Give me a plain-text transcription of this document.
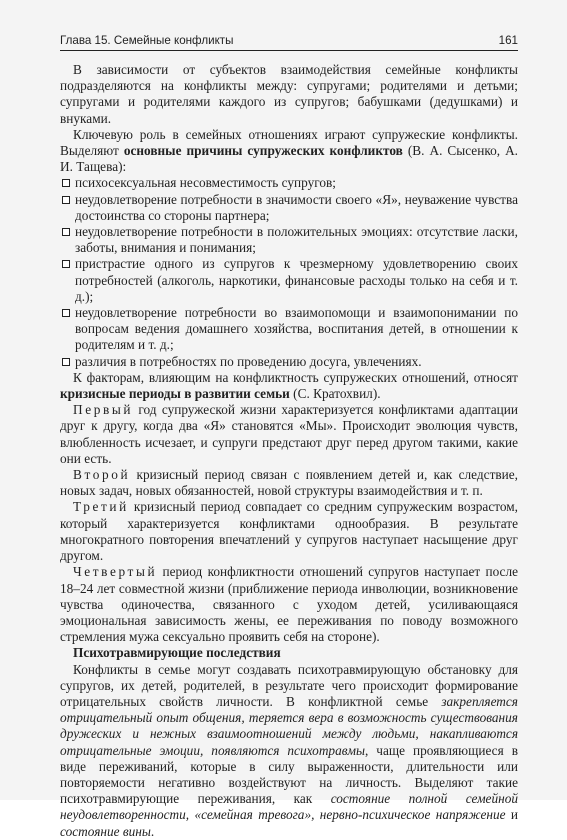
Глава 15. Семейные конфликты	161

В зависимости от субъектов взаимодействия семейные конфликты подразделяются на конфликты между: супругами; родителями и детьми; супругами и родителями каждого из супругов; бабушками (дедушками) и внуками.

Ключевую роль в семейных отношениях играют супружеские конфликты. Выделяют основные причины супружеских конфликтов (В. А. Сысенко, А. И. Тащева):

психосексуальная несовместимость супругов;
неудовлетворение потребности в значимости своего «Я», неуважение чувства достоинства со стороны партнера;
неудовлетворение потребности в положительных эмоциях: отсутствие ласки, заботы, внимания и понимания;
пристрастие одного из супругов к чрезмерному удовлетворению своих потребностей (алкоголь, наркотики, финансовые расходы только на себя и т. д.);
неудовлетворение потребности во взаимопомощи и взаимопонимании по вопросам ведения домашнего хозяйства, воспитания детей, в отношении к родителям и т. д.;
различия в потребностях по проведению досуга, увлечениях.

К факторам, влияющим на конфликтность супружеских отношений, относят кризисные периоды в развитии семьи (С. Кратохвил).

Первый год супружеской жизни характеризуется конфликтами адаптации друг к другу, когда два «Я» становятся «Мы». Происходит эволюция чувств, влюбленность исчезает, и супруги предстают друг перед другом такими, какие они есть.

Второй кризисный период связан с появлением детей и, как следствие, новых задач, новых обязанностей, новой структуры взаимодействия и т. п.

Третий кризисный период совпадает со средним супружеским возрастом, который характеризуется конфликтами однообразия. В результате многократного повторения впечатлений у супругов наступает насыщение друг другом.

Четвертый период конфликтности отношений супругов наступает после 18–24 лет совместной жизни (приближение периода инволюции, возникновение чувства одиночества, связанного с уходом детей, усиливающаяся эмоциональная зависимость жены, ее переживания по поводу возможного стремления мужа сексуально проявить себя на стороне).

Психотравмирующие последствия

Конфликты в семье могут создавать психотравмирующую обстановку для супругов, их детей, родителей, в результате чего происходит формирование отрицательных свойств личности. В конфликтной семье закрепляется отрицательный опыт общения, теряется вера в возможность существования дружеских и нежных взаимоотношений между людьми, накапливаются отрицательные эмоции, появляются психотравмы, чаще проявляющиеся в виде переживаний, которые в силу выраженности, длительности или повторяемости негативно воздействуют на личность. Выделяют такие психотравмирующие переживания, как состояние полной семейной неудовлетворенности, «семейная тревога», нервно-психическое напряжение и состояние вины.
